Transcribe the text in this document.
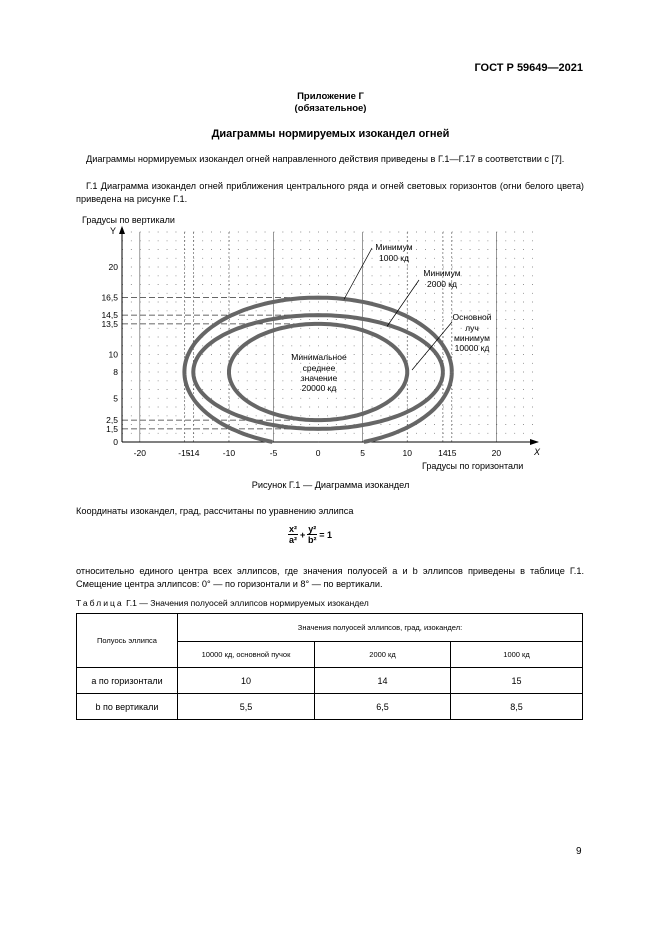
ГОСТ Р 59649—2021
Приложение Г
(обязательное)
Диаграммы нормируемых изокандел огней
Диаграммы нормируемых изокандел огней направленного действия приведены в Г.1—Г.17 в соответствии с [7].
Г.1 Диаграмма изокандел огней приближения центрального ряда и огней световых горизонтов (огни белого цвета) приведена на рисунке Г.1.
-20	-15
-14	-10	-5	0	5	10	14 15	20
0
1,5
2,5
5
8
10
13,5
14,5
16,5
20
Градусы по вертикали
Y
X
Градусы по горизонтали
Минимум
1000 кд
Минимум
2000 кд
Основной
луч
минимум
10000 кд
Минимальное
среднее
значение
20000 кд
Рисунок Г.1 — Диаграмма изокандел
Координаты изокандел, град, рассчитаны по уравнению эллипса
$\frac{\text{x²}}{\text{a²}} + \frac{\text{y²}}{\text{b²}} = 1$
относительно единого центра всех эллипсов, где значения полуосей a и b эллипсов приведены в таблице Г.1. Смещение центра эллипсов: 0° — по горизонтали и 8° — по вертикали.
Таблица Г.1 — Значения полуосей эллипсов нормируемых изокандел
Полуось эллипса	Значения полуосей эллипсов, град, изокандел:		
	10000 кд, основной пучок	2000 кд	1000 кд
a по горизонтали	10	14	15
b по вертикали	5,5	6,5	8,5
9
